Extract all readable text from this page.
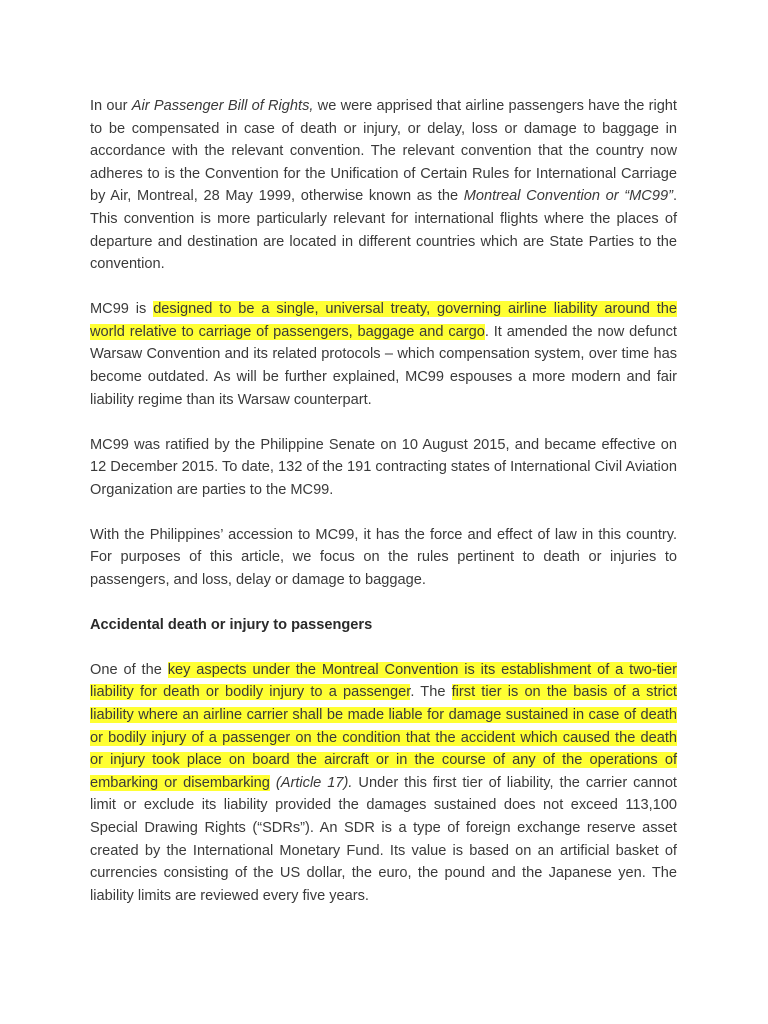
In our Air Passenger Bill of Rights, we were apprised that airline passengers have the right to be compensated in case of death or injury, or delay, loss or damage to baggage in accordance with the relevant convention. The relevant convention that the country now adheres to is the Convention for the Unification of Certain Rules for International Carriage by Air, Montreal, 28 May 1999, otherwise known as the Montreal Convention or “MC99”. This convention is more particularly relevant for international flights where the places of departure and destination are located in different countries which are State Parties to the convention.

MC99 is designed to be a single, universal treaty, governing airline liability around the world relative to carriage of passengers, baggage and cargo. It amended the now defunct Warsaw Convention and its related protocols – which compensation system, over time has become outdated. As will be further explained, MC99 espouses a more modern and fair liability regime than its Warsaw counterpart.

MC99 was ratified by the Philippine Senate on 10 August 2015, and became effective on 12 December 2015. To date, 132 of the 191 contracting states of International Civil Aviation Organization are parties to the MC99.

With the Philippines’ accession to MC99, it has the force and effect of law in this country. For purposes of this article, we focus on the rules pertinent to death or injuries to passengers, and loss, delay or damage to baggage.

Accidental death or injury to passengers

One of the key aspects under the Montreal Convention is its establishment of a two-tier liability for death or bodily injury to a passenger. The first tier is on the basis of a strict liability where an airline carrier shall be made liable for damage sustained in case of death or bodily injury of a passenger on the condition that the accident which caused the death or injury took place on board the aircraft or in the course of any of the operations of embarking or disembarking (Article 17). Under this first tier of liability, the carrier cannot limit or exclude its liability provided the damages sustained does not exceed 113,100 Special Drawing Rights (“SDRs”). An SDR is a type of foreign exchange reserve asset created by the International Monetary Fund. Its value is based on an artificial basket of currencies consisting of the US dollar, the euro, the pound and the Japanese yen. The liability limits are reviewed every five years.
